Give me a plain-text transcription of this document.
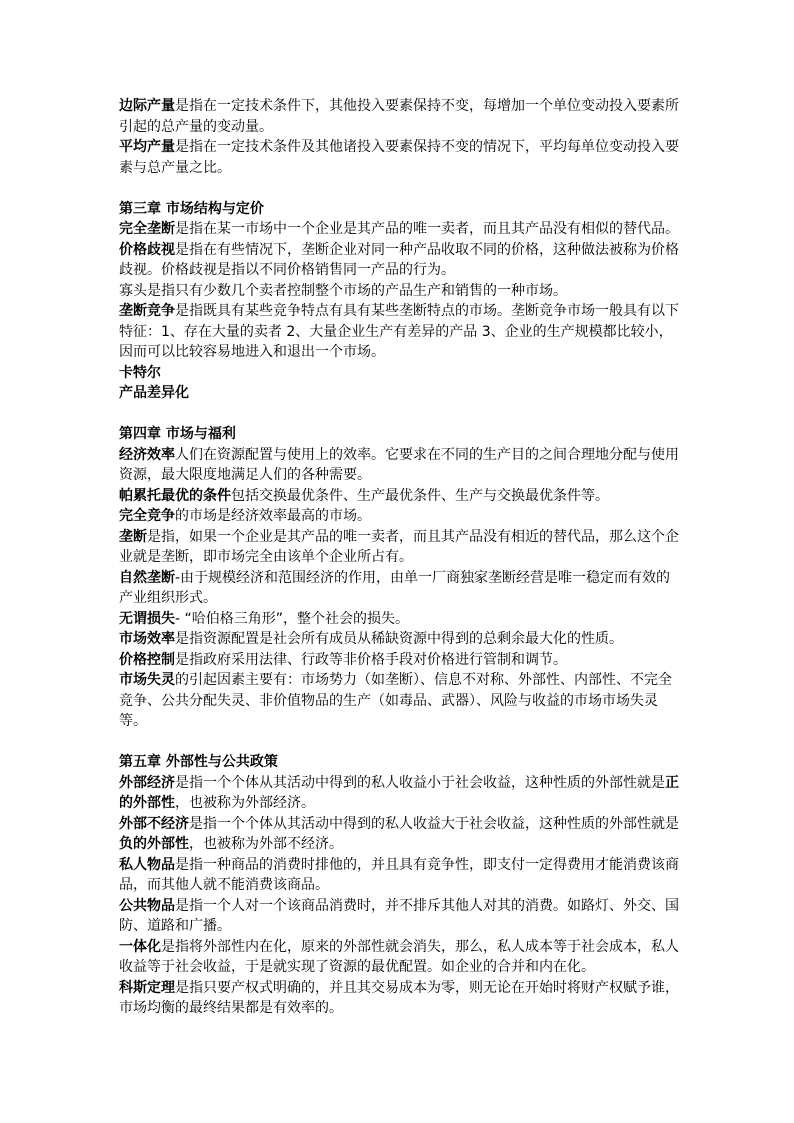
边际产量是指在一定技术条件下，其他投入要素保持不变，每增加一个单位变动投入要素所引起的总产量的变动量。

平均产量是指在一定技术条件及其他诸投入要素保持不变的情况下，平均每单位变动投入要素与总产量之比。

第三章 市场结构与定价

完全垄断是指在某一市场中一个企业是其产品的唯一卖者，而且其产品没有相似的替代品。

价格歧视是指在有些情况下，垄断企业对同一种产品收取不同的价格，这种做法被称为价格歧视。价格歧视是指以不同价格销售同一产品的行为。

寡头是指只有少数几个卖者控制整个市场的产品生产和销售的一种市场。

垄断竞争是指既具有某些竞争特点有具有某些垄断特点的市场。垄断竞争市场一般具有以下特征：1、存在大量的卖者 2、大量企业生产有差异的产品 3、企业的生产规模都比较小，因而可以比较容易地进入和退出一个市场。

卡特尔

产品差异化

第四章 市场与福利

经济效率人们在资源配置与使用上的效率。它要求在不同的生产目的之间合理地分配与使用资源，最大限度地满足人们的各种需要。

帕累托最优的条件包括交换最优条件、生产最优条件、生产与交换最优条件等。

完全竞争的市场是经济效率最高的市场。

垄断是指，如果一个企业是其产品的唯一卖者，而且其产品没有相近的替代品，那么这个企业就是垄断，即市场完全由该单个企业所占有。

自然垄断-由于规模经济和范围经济的作用，由单一厂商独家垄断经营是唯一稳定而有效的产业组织形式。

无谓损失- “哈伯格三角形”，整个社会的损失。

市场效率是指资源配置是社会所有成员从稀缺资源中得到的总剩余最大化的性质。

价格控制是指政府采用法律、行政等非价格手段对价格进行管制和调节。

市场失灵的引起因素主要有：市场势力（如垄断）、信息不对称、外部性、内部性、不完全竞争、公共分配失灵、非价值物品的生产（如毒品、武器）、风险与收益的市场市场失灵等。

第五章 外部性与公共政策

外部经济是指一个个体从其活动中得到的私人收益小于社会收益，这种性质的外部性就是正的外部性，也被称为外部经济。

外部不经济是指一个个体从其活动中得到的私人收益大于社会收益，这种性质的外部性就是负的外部性，也被称为外部不经济。

私人物品是指一种商品的消费时排他的，并且具有竞争性，即支付一定得费用才能消费该商品，而其他人就不能消费该商品。

公共物品是指一个人对一个该商品消费时，并不排斥其他人对其的消费。如路灯、外交、国防、道路和广播。

一体化是指将外部性内在化，原来的外部性就会消失，那么，私人成本等于社会成本，私人收益等于社会收益，于是就实现了资源的最优配置。如企业的合并和内在化。

科斯定理是指只要产权式明确的，并且其交易成本为零，则无论在开始时将财产权赋予谁，市场均衡的最终结果都是有效率的。
